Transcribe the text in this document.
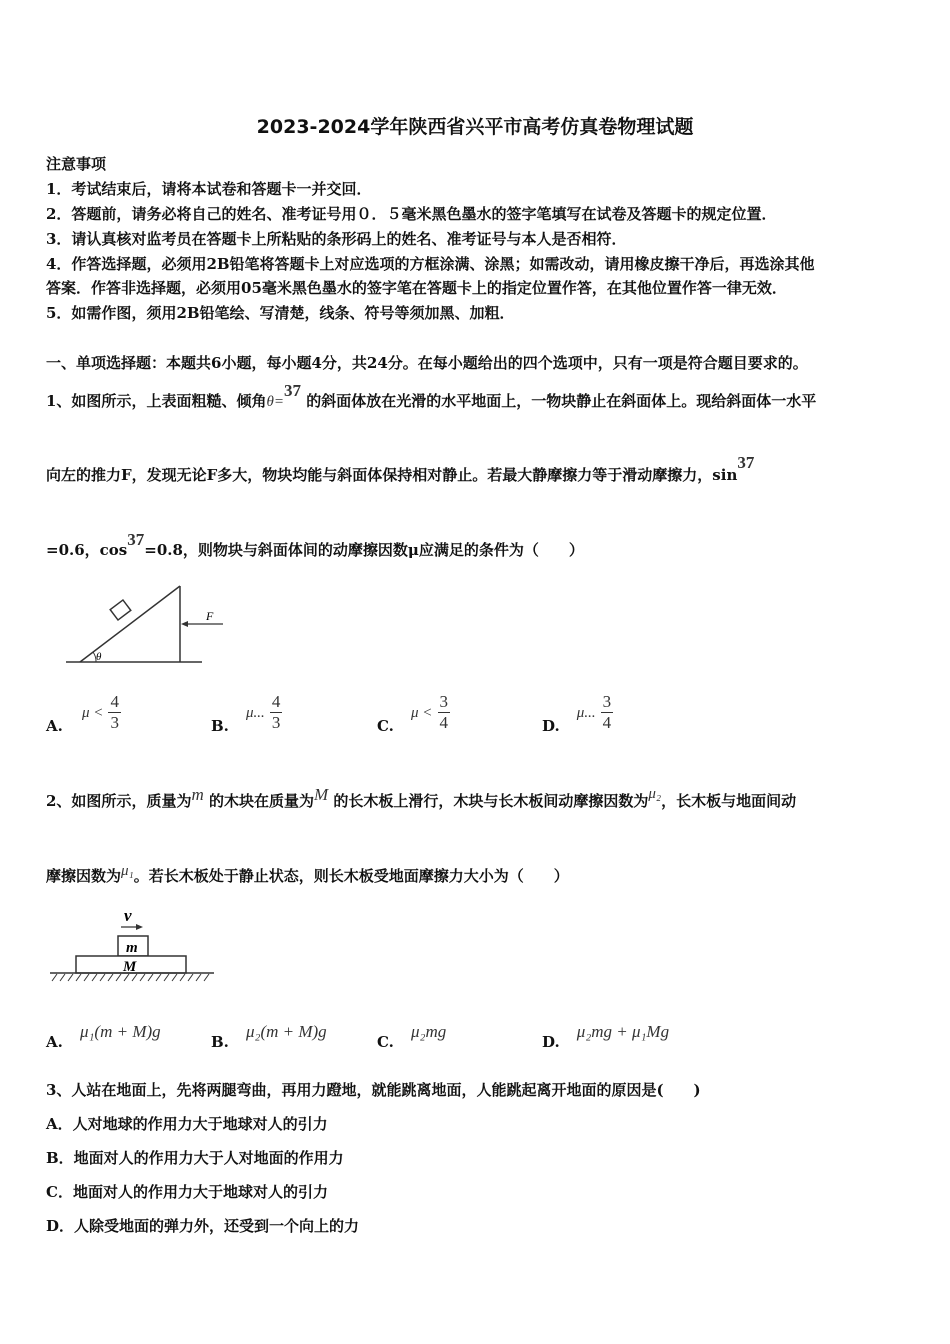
2023-2024学年陕西省兴平市高考仿真卷物理试题
注意事项
1．考试结束后，请将本试卷和答题卡一并交回．
2．答题前，请务必将自己的姓名、准考证号用０．５毫米黑色墨水的签字笔填写在试卷及答题卡的规定位置．
3．请认真核对监考员在答题卡上所粘贴的条形码上的姓名、准考证号与本人是否相符．
4．作答选择题，必须用2B铅笔将答题卡上对应选项的方框涂满、涂黑；如需改动，请用橡皮擦干净后，再选涂其他
答案．作答非选择题，必须用05毫米黑色墨水的签字笔在答题卡上的指定位置作答，在其他位置作答一律无效．
5．如需作图，须用2B铅笔绘、写清楚，线条、符号等须加黑、加粗．
一、单项选择题：本题共6小题，每小题4分，共24分。在每小题给出的四个选项中，只有一项是符合题目要求的。
1、如图所示，上表面粗糙、倾角θ=37 的斜面体放在光滑的水平地面上，一物块静止在斜面体上。现给斜面体一水平
向左的推力F，发现无论F多大，物块均能与斜面体保持相对静止。若最大静摩擦力等于滑动摩擦力，sin37
=0.6，cos37=0.8，则物块与斜面体间的动摩擦因数μ应满足的条件为（　　）
θ
F
A. $\mu < \frac{4}{3}$	B. μ... $\frac{4}{3}$	C. $\mu < \frac{3}{4}$	D. μ... $\frac{3}{4}$
2、如图所示，质量为m 的木块在质量为M 的长木板上滑行，木块与长木板间动摩擦因数为μ₂，长木板与地面间动
摩擦因数为μ₁。若长木板处于静止状态，则长木板受地面摩擦力大小为（　　）
v
m
M
A. μ₁(m + M)g
B. μ₂(m + M)g
C. μ₂mg
D. μ₂mg + μ₁Mg
3、人站在地面上，先将两腿弯曲，再用力蹬地，就能跳离地面，人能跳起离开地面的原因是(　　)
A．人对地球的作用力大于地球对人的引力
B．地面对人的作用力大于人对地面的作用力
C．地面对人的作用力大于地球对人的引力
D．人除受地面的弹力外，还受到一个向上的力
